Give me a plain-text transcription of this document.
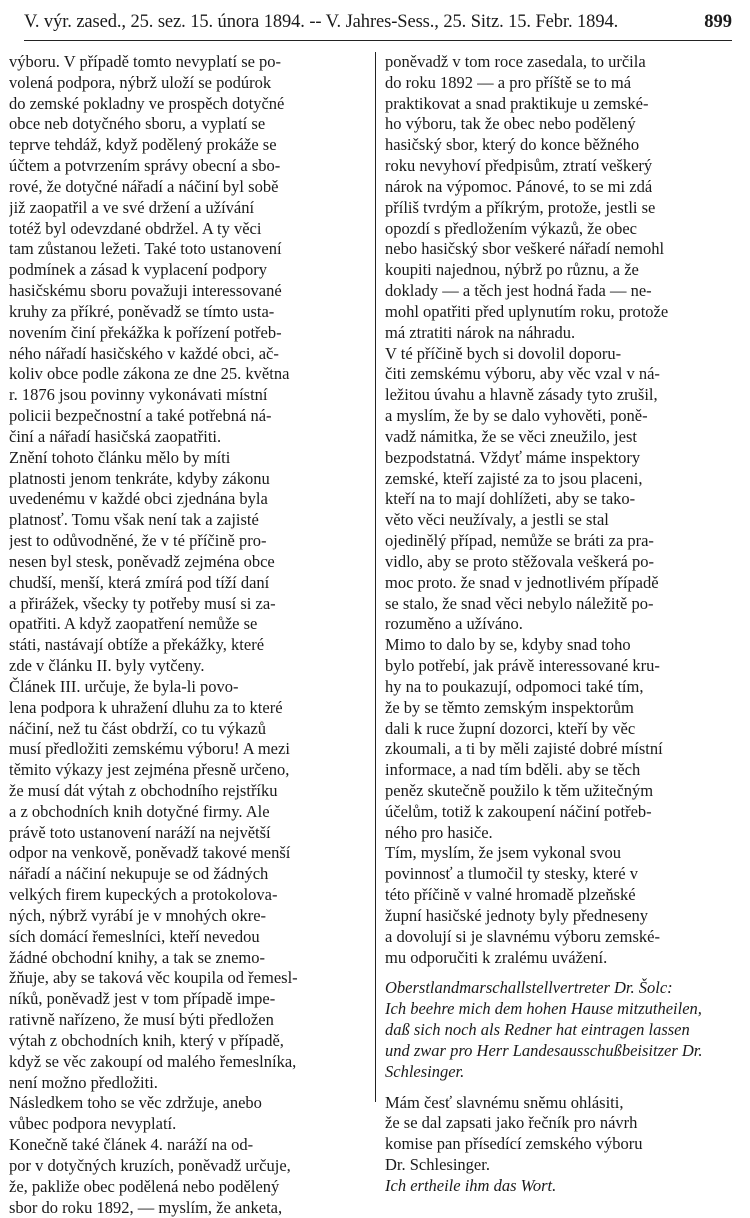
V. výr. zased., 25. sez. 15. února 1894. -- V. Jahres-Sess., 25. Sitz. 15. Febr. 1894.	899
výboru. V případě tomto nevyplatí se po-
volená podpora, nýbrž uloží se podúrok
do zemské pokladny ve prospěch dotyčné
obce neb dotyčného sboru, a vyplatí se
teprve tehdáž, když podělený prokáže se
účtem a potvrzením správy obecní a sbo-
rové, že dotyčné nářadí a náčiní byl sobě
již zaopatřil a ve své držení a užívání
totéž byl odevzdané obdržel. A ty věci
tam zůstanou ležeti. Také toto ustanovení
podmínek a zásad k vyplacení podpory
hasičskému sboru považuji interessované
kruhy za příkré, poněvadž se tímto usta-
novením činí překážka k pořízení potřeb-
ného nářadí hasičského v každé obci, ač-
koliv obce podle zákona ze dne 25. května
r. 1876 jsou povinny vykonávati místní
policii bezpečnostní a také potřebná ná-
činí a nářadí hasičská zaopatřiti.
Znění tohoto článku mělo by míti
platnosti jenom tenkráte, kdyby zákonu
uvedenému v každé obci zjednána byla
platnosť. Tomu však není tak a zajisté
jest to odůvodněné, že v té příčině pro-
nesen byl stesk, poněvadž zejména obce
chudší, menší, která zmírá pod tíží daní
a přirážek, všecky ty potřeby musí si za-
opatřiti. A když zaopatření nemůže se
státi, nastávají obtíže a překážky, které
zde v článku II. byly vytčeny.
Článek III. určuje, že byla-li povo-
lena podpora k uhražení dluhu za to které
náčiní, než tu část obdrží, co tu výkazů
musí předložiti zemskému výboru! A mezi
těmito výkazy jest zejména přesně určeno,
že musí dát výtah z obchodního rejstříku
a z obchodních knih dotyčné firmy. Ale
právě toto ustanovení naráží na největší
odpor na venkově, poněvadž takové menší
nářadí a náčiní nekupuje se od žádných
velkých firem kupeckých a protokolova-
ných, nýbrž vyrábí je v mnohých okre-
sích domácí řemeslníci, kteří nevedou
žádné obchodní knihy, a tak se znemo-
žňuje, aby se taková věc koupila od řemesl-
níků, poněvadž jest v tom případě impe-
rativně nařízeno, že musí býti předložen
výtah z obchodních knih, který v případě,
když se věc zakoupí od malého řemeslníka,
není možno předložiti.
Následkem toho se věc zdržuje, anebo
vůbec podpora nevyplatí.
Konečně také článek 4. naráží na od-
por v dotyčných kruzích, poněvadž určuje,
že, pakliže obec podělená nebo podělený
sbor do roku 1892, — myslím, že anketa,
poněvadž v tom roce zasedala, to určila
do roku 1892 — a pro příště se to má
praktikovat a snad praktikuje u zemské-
ho výboru, tak že obec nebo podělený
hasičský sbor, který do konce běžného
roku nevyhoví předpisům, ztratí veškerý
nárok na výpomoc. Pánové, to se mi zdá
příliš tvrdým a příkrým, protože, jestli se
opozdí s předložením výkazů, že obec
nebo hasičský sbor veškeré nářadí nemohl
koupiti najednou, nýbrž po různu, a že
doklady — a těch jest hodná řada — ne-
mohl opatřiti před uplynutím roku, protože
má ztratiti nárok na náhradu.
V té příčině bych si dovolil doporu-
čiti zemskému výboru, aby věc vzal v ná-
ležitou úvahu a hlavně zásady tyto zrušil,
a myslím, že by se dalo vyhověti, poně-
vadž námitka, že se věci zneužilo, jest
bezpodstatná. Vždyť máme inspektory
zemské, kteří zajisté za to jsou placeni,
kteří na to mají dohlížeti, aby se tako-
věto věci neužívaly, a jestli se stal
ojedinělý případ, nemůže se bráti za pra-
vidlo, aby se proto stěžovala veškerá po-
moc proto. že snad v jednotlivém případě
se stalo, že snad věci nebylo náležitě po-
rozuměno a užíváno.
Mimo to dalo by se, kdyby snad toho
bylo potřebí, jak právě interessované kru-
hy na to poukazují, odpomoci také tím,
že by se těmto zemským inspektorům
dali k ruce župní dozorci, kteří by věc
zkoumali, a ti by měli zajisté dobré místní
informace, a nad tím bděli. aby se těch
peněz skutečně použilo k těm užitečným
účelům, totiž k zakoupení náčiní potřeb-
ného pro hasiče.
Tím, myslím, že jsem vykonal svou
povinnosť a tlumočil ty stesky, které v
této příčině v valné hromadě plzeňské
župní hasičské jednoty byly předneseny
a dovolují si je slavnému výboru zemské-
mu odporučiti k zralému uvážení.
Oberstlandmarschallstellvertreter Dr. Šolc:
Ich beehre mich dem hohen Hause mitzutheilen,
daß sich noch als Redner hat eintragen lassen
und zwar pro Herr Landesausschußbeisitzer Dr.
Schlesinger.
Mám česť slavnému sněmu ohlásiti,
že se dal zapsati jako řečník pro návrh
komise pan přísedící zemského výboru
Dr. Schlesinger.
Ich ertheile ihm das Wort.
